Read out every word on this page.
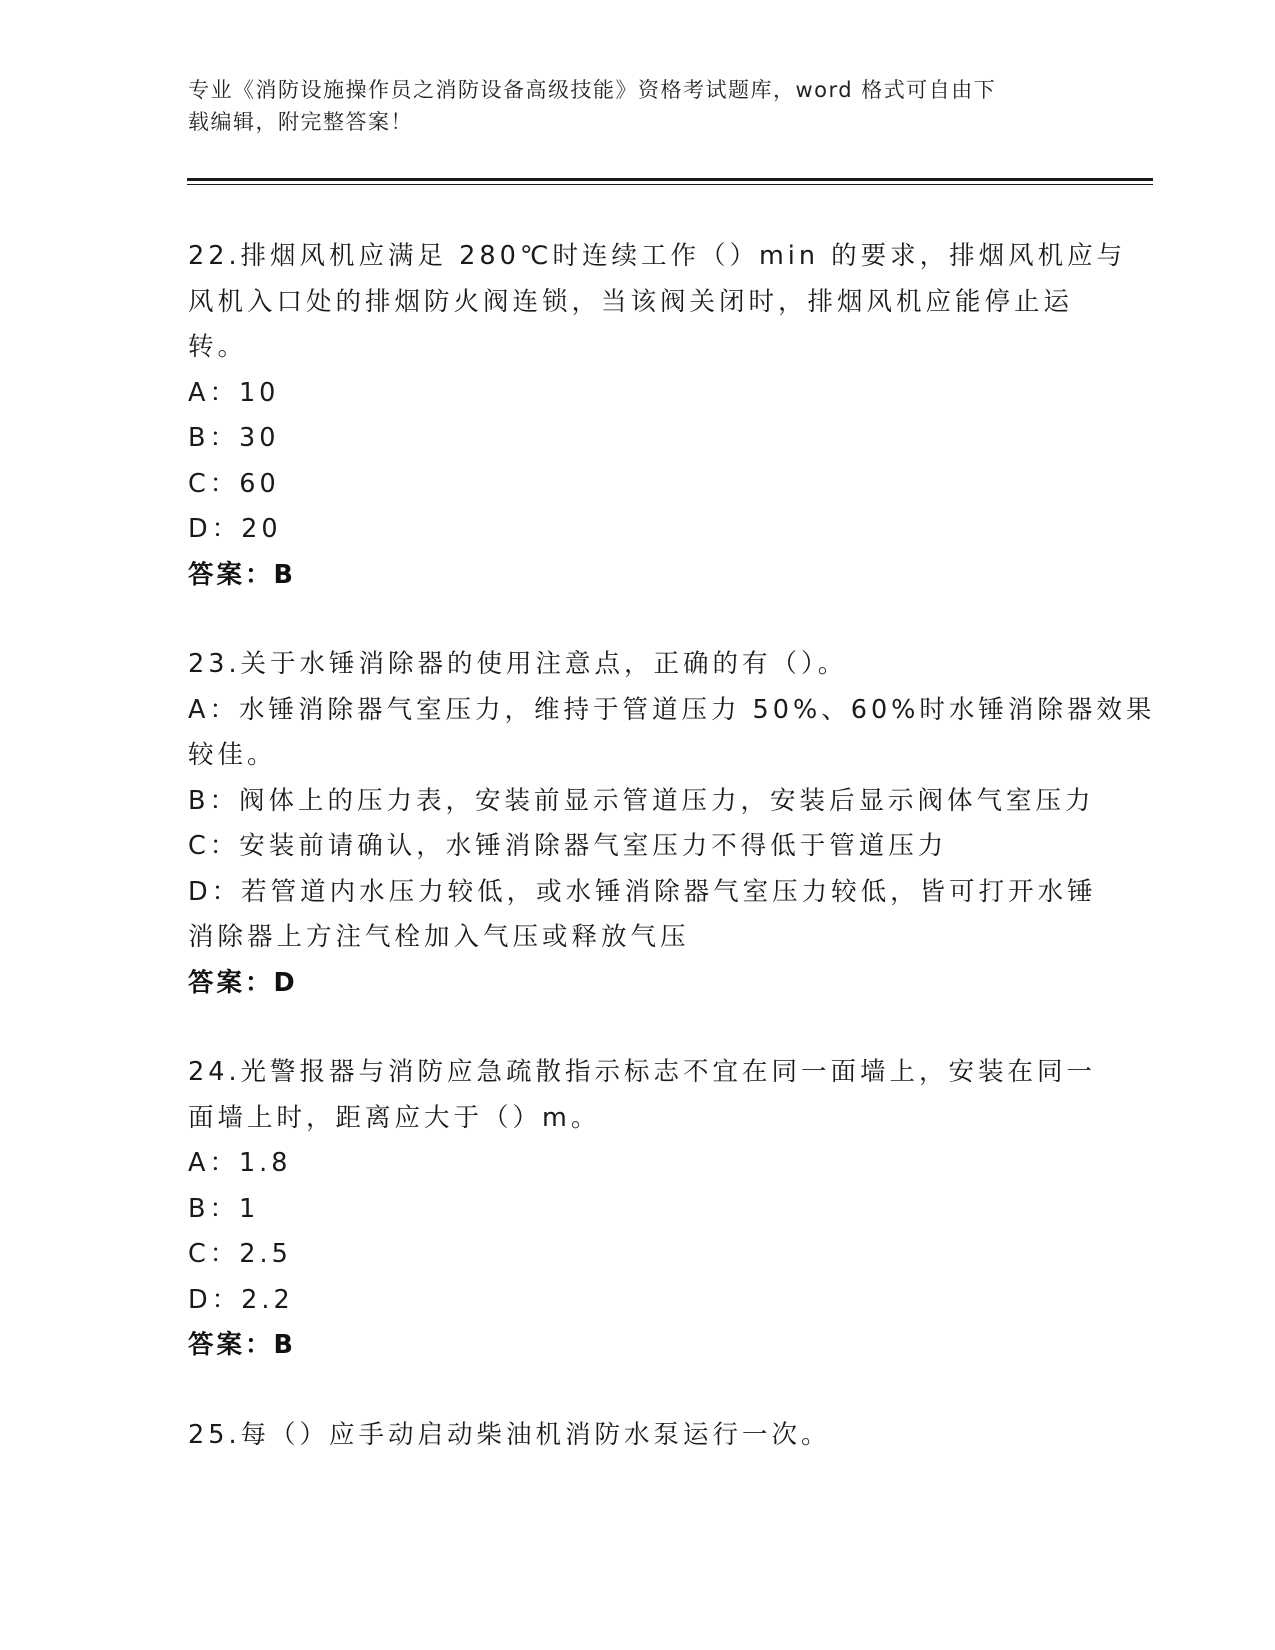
专业《消防设施操作员之消防设备高级技能》资格考试题库，word 格式可自由下
载编辑，附完整答案！
22.排烟风机应满足 280℃时连续工作（）min 的要求，排烟风机应与
风机入口处的排烟防火阀连锁，当该阀关闭时，排烟风机应能停止运
转。
A：10
B：30
C：60
D：20
答案：B
23.关于水锤消除器的使用注意点，正确的有（）。
A：水锤消除器气室压力，维持于管道压力 50%、60%时水锤消除器效果
较佳。
B：阀体上的压力表，安装前显示管道压力，安装后显示阀体气室压力
C：安装前请确认，水锤消除器气室压力不得低于管道压力
D：若管道内水压力较低，或水锤消除器气室压力较低，皆可打开水锤
消除器上方注气栓加入气压或释放气压
答案：D
24.光警报器与消防应急疏散指示标志不宜在同一面墙上，安装在同一
面墙上时，距离应大于（）m。
A：1.8
B：1
C：2.5
D：2.2
答案：B
25.每（）应手动启动柴油机消防水泵运行一次。
